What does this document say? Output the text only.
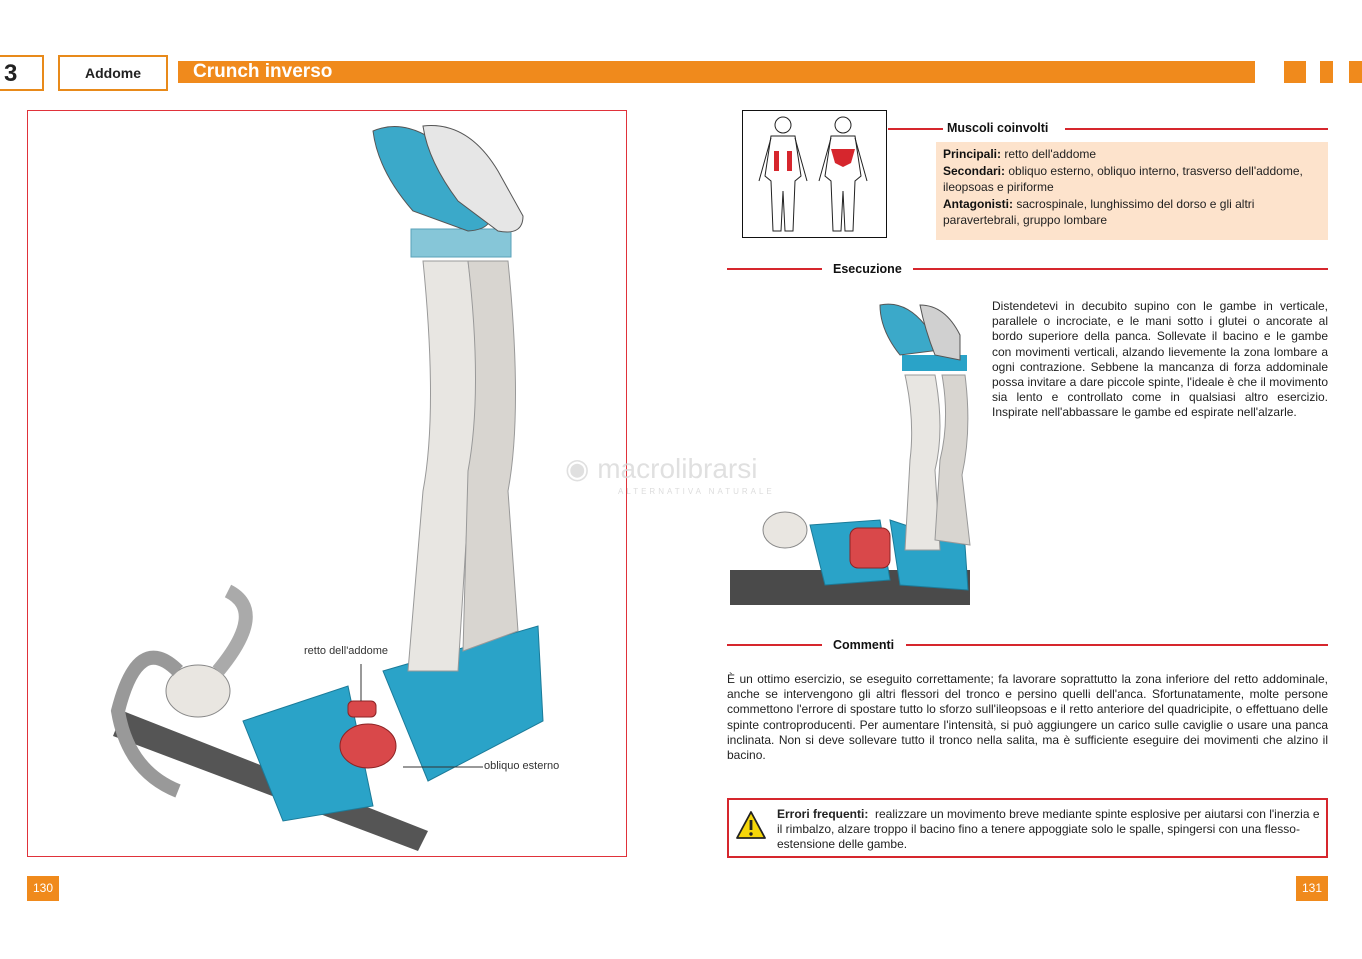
3	Addome	Crunch inverso
retto dell'addome
obliquo esterno
130
◉ macrolibrarsi
ALTERNATIVA NATURALE
Muscoli coinvolti
Principali: retto dell'addome
Secondari: obliquo esterno, obliquo interno, trasverso dell'addome, ileopsoas e piriforme
Antagonisti: sacrospinale, lunghissimo del dorso e gli altri paravertebrali, gruppo lombare
Esecuzione
Distendetevi in decubito supino con le gambe in verticale, parallele o incrociate, e le mani sotto i glutei o ancorate al bordo superiore della panca. Sollevate il bacino e le gambe con movimenti verticali, alzando lievemente la zona lombare a ogni contrazione. Sebbene la mancanza di forza addominale possa invitare a dare piccole spinte, l'ideale è che il movimento sia lento e controllato come in qualsiasi altro esercizio. Inspirate nell'abbassare le gambe ed espirate nell'alzarle.
Commenti
È un ottimo esercizio, se eseguito correttamente; fa lavorare soprattutto la zona inferiore del retto addominale, anche se intervengono gli altri flessori del tronco e persino quelli dell'anca. Sfortunatamente, molte persone commettono l'errore di spostare tutto lo sforzo sull'ileopsoas e il retto anteriore del quadricipite, o effettuano delle spinte controproducenti. Per aumentare l'intensità, si può aggiungere un carico sulle caviglie o usare una panca inclinata. Non si deve sollevare tutto il tronco nella salita, ma è sufficiente eseguire dei movimenti che alzino il bacino.
Errori frequenti: realizzare un movimento breve mediante spinte esplosive per aiutarsi con l'inerzia e il rimbalzo, alzare troppo il bacino fino a tenere appoggiate solo le spalle, spingersi con una flesso-estensione delle gambe.
131
